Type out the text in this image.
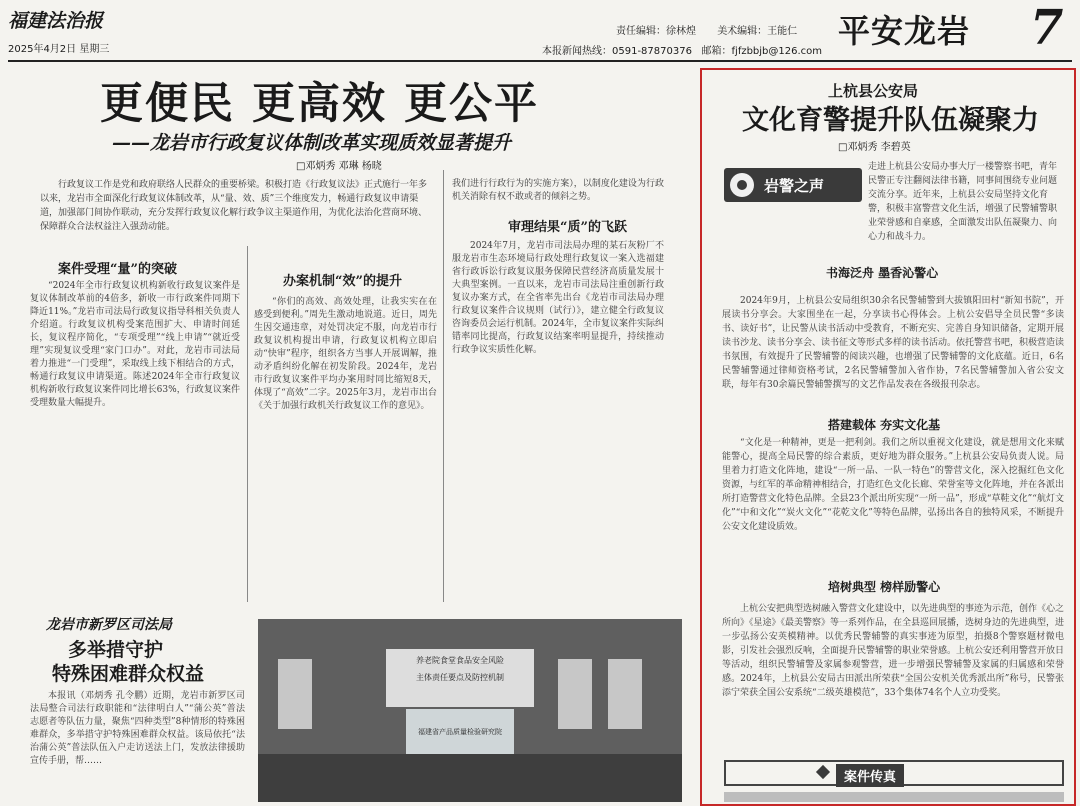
福建法治报
2025年4月2日 星期三
责任编辑：徐林煌 美术编辑：王能仁
本报新闻热线：0591-87870376 邮箱：fjfzbbjb@126.com
平安龙岩 7
更便民 更高效 更公平
——龙岩市行政复议体制改革实现质效显著提升
□邓炳秀 邓琳 杨晓
行政复议工作是党和政府联络人民群众的重要桥梁。积极打造《行政复议法》正式施行一年多以来，龙岩市全面深化行政复议体制改革，从“量、效、质”三个维度发力，畅通行政复议申请渠道，加强部门间协作联动，充分发挥行政复议化解行政争议主渠道作用，为优化法治化营商环境、保障群众合法权益注入强劲动能。
案件受理“量”的突破
“2024年全市行政复议机构新收行政复议案件是复议体制改革前的4倍多，新收一市行政案件同期下降近11%。”龙岩市司法局行政复议指导科相关负责人介绍道。行政复议机构受案范围扩大、申请时间延长，复议程序简化，“专项受理”“线上申请”“就近受理”实现复议受理“家门口办”。对此，龙岩市司法局着力推进“一门受理”，采取线上线下相结合的方式，畅通行政复议申请渠道。陈述2024年全市行政复议机构新收行政复议案件同比增长63%，行政复议案件受理数量大幅提升。
办案机制“效”的提升
“你们的高效、高效处理，让我实实在在感受到便利。”周先生激动地说道。近日，周先生因交通违章，对处罚决定不服，向龙岩市行政复议机构提出申请，行政复议机构立即启动“快审”程序，组织各方当事人开展调解，推动矛盾纠纷化解在初发阶段。2024年，龙岩市行政复议案件平均办案用时同比缩短8天，体现了“高效”二字。2025年3月，龙岩市出台《关于加强行政机关行政复议工作的意见》。
我们进行行政行为的实施方案），以制度化建设为行政机关消除有权不敢或者的倾斜之势。
审理结果“质”的飞跃
2024年7月，龙岩市司法局办理的某石灰粉厂不服龙岩市生态环境局行政处理行政复议一案入选福建省行政诉讼行政复议服务保障民营经济高质量发展十大典型案例。一直以来，龙岩市司法局注重创新行政复议办案方式，在全省率先出台《龙岩市司法局办理行政复议案件合议规则（试行）》，建立健全行政复议咨询委员会运行机制。2024年，全市复议案件实际纠错率同比提高，行政复议结案率明显提升，持续推动行政争议实质性化解。
龙岩市新罗区司法局
多举措守护
特殊困难群众权益
本报讯（邓炳秀 孔令鹏）近期，龙岩市新罗区司法局整合司法行政职能和“法律明白人”“蒲公英”普法志愿者等队伍力量，聚焦“四种类型”8种情形的特殊困难群众，多举措守护特殊困难群众权益。该局依托“法治蒲公英”普法队伍入户走访送法上门，发放法律援助宣传手册，帮……
养老院食堂食品安全风险
主体责任要点及防控机制
福建省产品质量检验研究院
上杭县公安局
文化育警提升队伍凝聚力
□邓炳秀 李碧英
岩警之声
走进上杭县公安局办事大厅一楼警察书吧，青年民警正专注翻阅法律书籍，同事间围绕专业问题交流分享。近年来，上杭县公安局坚持文化育警，积极丰富警营文化生活，增强了民警辅警职业荣誉感和自豪感，全面激发出队伍凝聚力、向心力和战斗力。
书海泛舟 墨香沁警心
2024年9月，上杭县公安局组织30余名民警辅警到大拔镇阳田村“新知书院”，开展读书分享会。大家围坐在一起，分享读书心得体会。上杭公安倡导全员民警“多读书、读好书”，让民警从读书活动中受教育，不断充实、完善自身知识储备，定期开展读书沙龙、读书分享会、读书征文等形式多样的读书活动。依托警营书吧，积极营造读书氛围，有效提升了民警辅警的阅读兴趣，也增强了民警辅警的文化底蕴。近日，6名民警辅警通过律师资格考试，2名民警辅警加入省作协，7名民警辅警加入省公安文联，每年有30余篇民警辅警撰写的文艺作品发表在各级报刊杂志。
搭建载体 夯实文化基
“文化是一种精神，更是一把利剑。我们之所以重视文化建设，就是想用文化来赋能警心，提高全局民警的综合素质，更好地为群众服务。”上杭县公安局负责人说。局里着力打造文化阵地，建设“一所一品、一队一特色”的警营文化，深入挖掘红色文化资源，与红军的革命精神相结合，打造红色文化长廊、荣誉室等文化阵地，并在各派出所打造警营文化特色品牌。全县23个派出所实现“一所一品”，形成“草鞋文化”“航灯文化”“中和文化”“炭火文化”“花乾文化”等特色品牌，弘扬出各自的独特风采，不断提升公安文化建设质效。
培树典型 榜样励警心
上杭公安把典型选树融入警营文化建设中，以先进典型的事迹为示范，创作《心之所向》《星途》《最美警察》等一系列作品，在全县巡回展播，选树身边的先进典型，进一步弘扬公安英模精神。以优秀民警辅警的真实事迹为原型，拍摄8个警察题材微电影，引发社会强烈反响，全面提升民警辅警的职业荣誉感。上杭公安还利用警营开放日等活动，组织民警辅警及家属参观警营，进一步增强民警辅警及家属的归属感和荣誉感。2024年，上杭县公安局古田派出所荣获“全国公安机关优秀派出所”称号，民警张添宁荣获全国公安系统“二级英雄模范”，33个集体74名个人立功受奖。
案件传真
